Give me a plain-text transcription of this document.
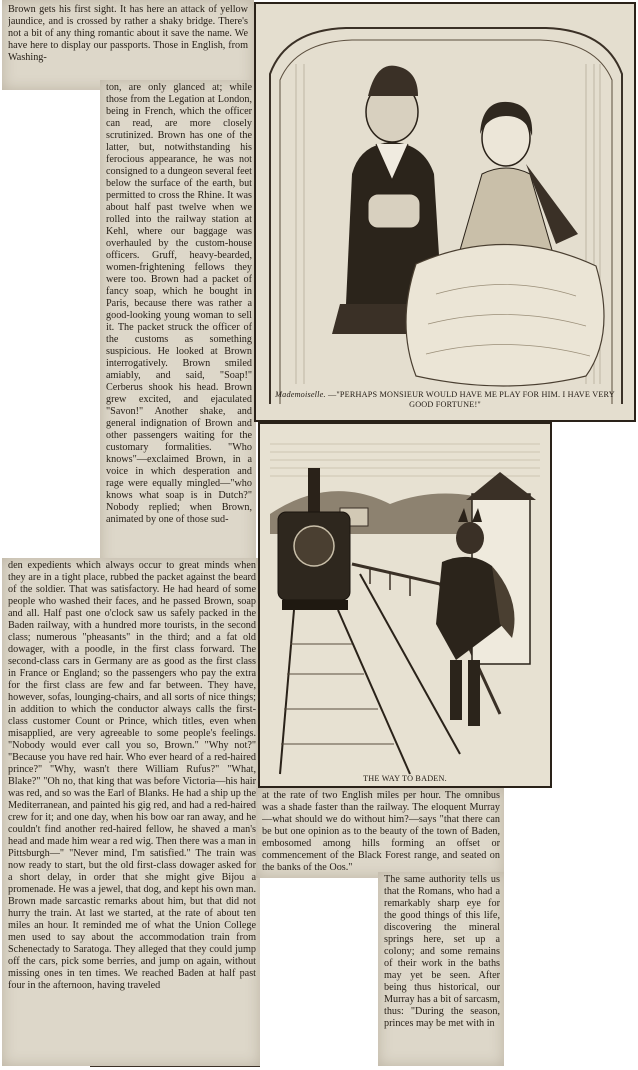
Brown gets his first sight. It has here an attack of yellow jaundice, and is crossed by rather a shaky bridge. There's not a bit of any thing romantic about it save the name. We have here to display our passports. Those in English, from Washing-

ton, are only glanced at; while those from the Legation at London, being in French, which the officer can read, are more closely scrutinized. Brown has one of the latter, but, notwithstanding his ferocious appearance, he was not consigned to a dungeon several feet below the surface of the earth, but permitted to cross the Rhine. It was about half past twelve when we rolled into the railway station at Kehl, where our baggage was overhauled by the custom-house officers. Gruff, heavy-bearded, women-frightening fellows they were too. Brown had a packet of fancy soap, which he bought in Paris, because there was rather a good-looking young woman to sell it. The packet struck the officer of the customs as something suspicious. He looked at Brown interrogatively. Brown smiled amiably, and said, "Soap!" Cerberus shook his head. Brown grew excited, and ejaculated "Savon!" Another shake, and general indignation of Brown and other passengers waiting for the customary formalities. "Who knows"—exclaimed Brown, in a voice in which desperation and rage were equally mingled—"who knows what soap is in Dutch?" Nobody replied; when Brown, animated by one of those sud-

den expedients which always occur to great minds when they are in a tight place, rubbed the packet against the beard of the soldier. That was satisfactory. He had heard of some people who washed their faces, and he passed Brown, soap and all. Half past one o'clock saw us safely packed in the Baden railway, with a hundred more tourists, in the second class; numerous "pheasants" in the third; and a fat old dowager, with a poodle, in the first class forward. The second-class cars in Germany are as good as the first class in France or England; so the passengers who pay the extra for the first class are few and far between. They have, however, sofas, lounging-chairs, and all sorts of nice things; in addition to which the conductor always calls the first-class customer Count or Prince, which titles, even when misapplied, are very agreeable to some people's feelings. "Nobody would ever call you so, Brown." "Why not?" "Because you have red hair. Who ever heard of a red-haired prince?" "Why, wasn't there William Rufus?" "What, Blake?" "Oh no, that king that was before Victoria—his hair was red, and so was the Earl of Blanks. He had a ship up the Mediterranean, and painted his gig red, and had a red-haired crew for it; and one day, when his bow oar ran away, and he couldn't find another red-haired fellow, he shaved a man's head and made him wear a red wig. Then there was a man in Pittsburgh—" "Never mind, I'm satisfied." The train was now ready to start, but the old first-class dowager asked for a short delay, in order that she might give Bijou a promenade. He was a jewel, that dog, and kept his own man. Brown made sarcastic remarks about him, but that did not hurry the train. At last we started, at the rate of about ten miles an hour. It reminded me of what the Union College men used to say about the accommodation train from Schenectady to Saratoga. They alleged that they could jump off the cars, pick some berries, and jump on again, without missing ones in ten times. We reached Baden at half past four in the afternoon, having traveled

at the rate of two English miles per hour. The omnibus was a shade faster than the railway. The eloquent Murray—what should we do without him?—says "that there can be but one opinion as to the beauty of the town of Baden, embosomed among hills forming an offset or commencement of the Black Forest range, and seated on the banks of the Oos."

The same authority tells us that the Romans, who had a remarkably sharp eye for the good things of this life, discovering the mineral springs here, set up a colony; and some remains of their work in the baths may yet be seen. After being thus historical, our Murray has a bit of sarcasm, thus: "During the season, princes may be met with in

Mademoiselle. —"PERHAPS MONSIEUR WOULD HAVE ME PLAY FOR HIM. I HAVE VERY GOOD FORTUNE!"
THE WAY TO BADEN.
